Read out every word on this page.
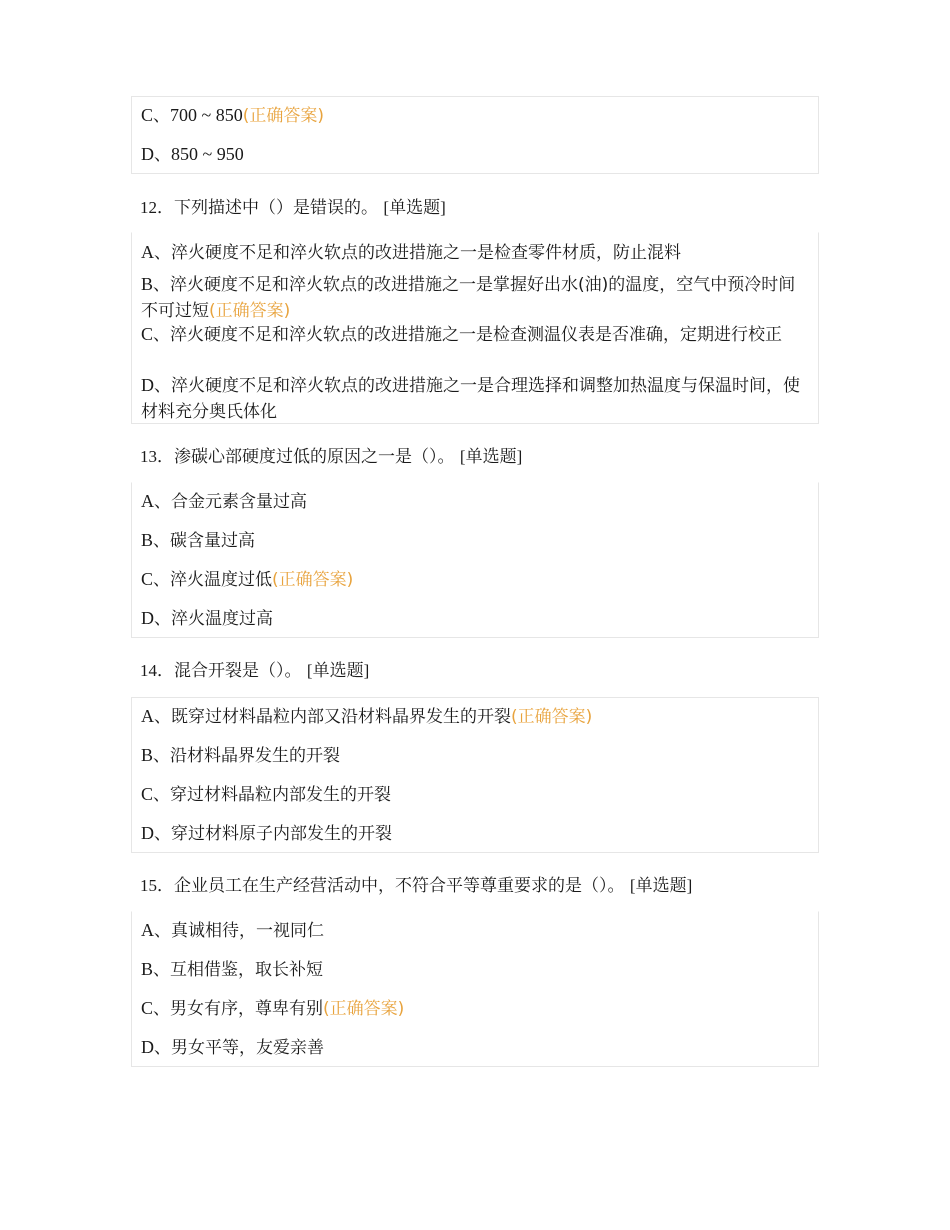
C、700 ~ 850(正确答案)
D、850 ~ 950
12．下列描述中（）是错误的。 [单选题]
A、淬火硬度不足和淬火软点的改进措施之一是检查零件材质，防止混料
B、淬火硬度不足和淬火软点的改进措施之一是掌握好出水(油)的温度，空气中预冷时间不可过短(正确答案)
C、淬火硬度不足和淬火软点的改进措施之一是检查测温仪表是否准确，定期进行校正
D、淬火硬度不足和淬火软点的改进措施之一是合理选择和调整加热温度与保温时间，使材料充分奥氏体化
13．渗碳心部硬度过低的原因之一是（）。 [单选题]
A、合金元素含量过高
B、碳含量过高
C、淬火温度过低(正确答案)
D、淬火温度过高
14．混合开裂是（）。 [单选题]
A、既穿过材料晶粒内部又沿材料晶界发生的开裂(正确答案)
B、沿材料晶界发生的开裂
C、穿过材料晶粒内部发生的开裂
D、穿过材料原子内部发生的开裂
15．企业员工在生产经营活动中，不符合平等尊重要求的是（）。 [单选题]
A、真诚相待，一视同仁
B、互相借鉴，取长补短
C、男女有序，尊卑有别(正确答案)
D、男女平等，友爱亲善
